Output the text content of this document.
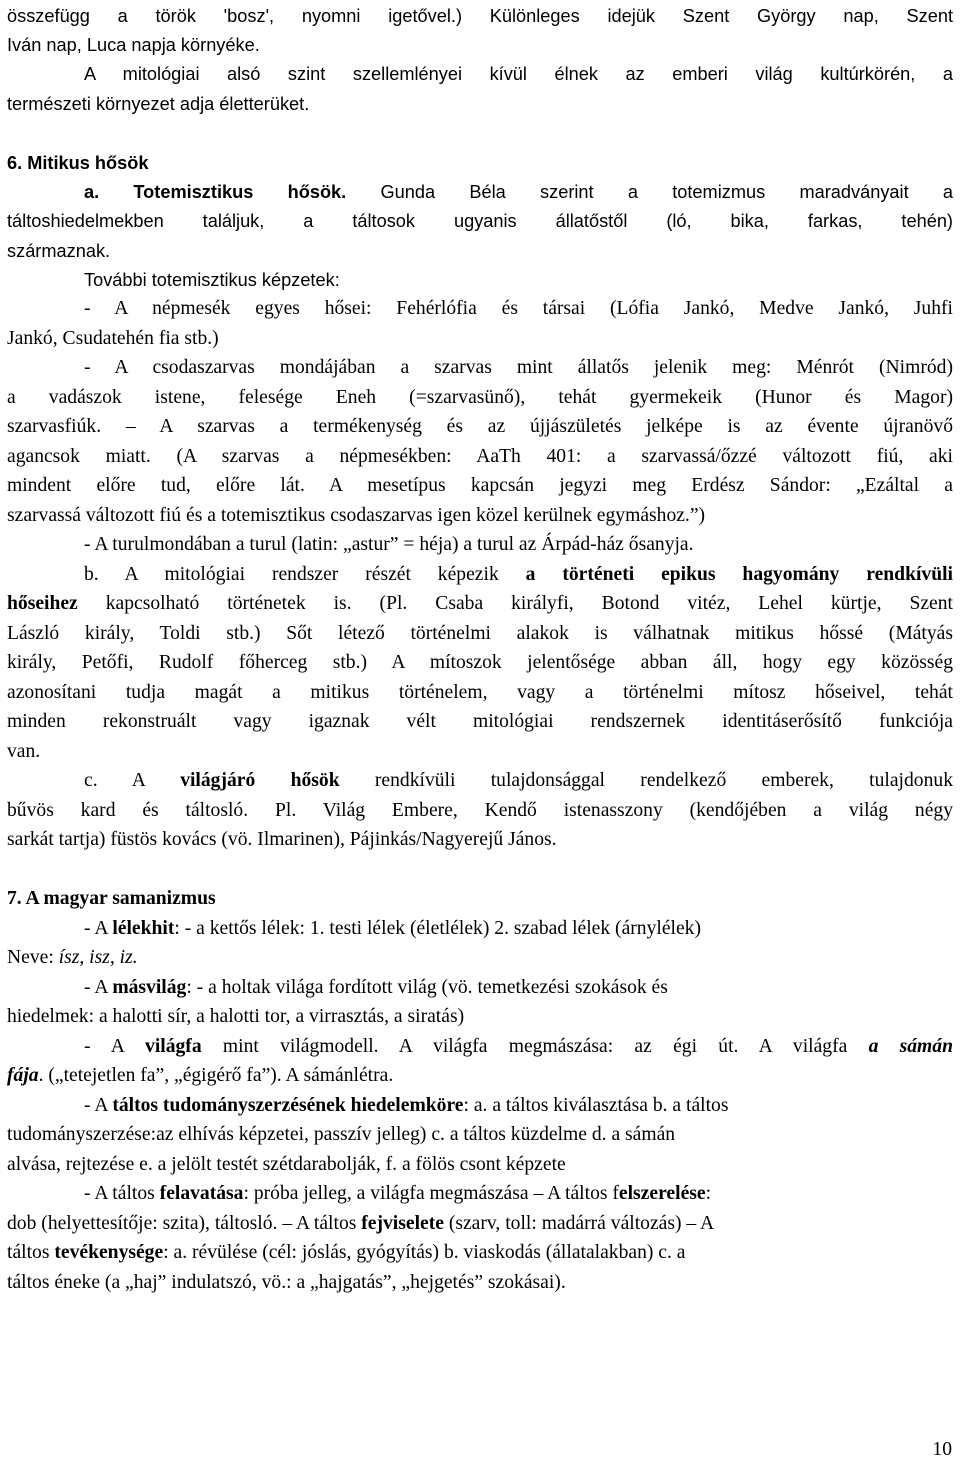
összefügg a török 'bosz', nyomni igetővel.) Különleges idejük Szent György nap, Szent
Iván nap, Luca napja környéke.
A mitológiai alsó szint szellemlényei kívül élnek az emberi világ kultúrkörén, a
természeti környezet adja életterüket.
6. Mitikus hősök
a. Totemisztikus hősök. Gunda Béla szerint a totemizmus maradványait a
táltoshiedelmekben találjuk, a táltosok ugyanis állatőstől (ló, bika, farkas, tehén)
származnak.
További totemisztikus képzetek:
- A népmesék egyes hősei: Fehérlófia és társai (Lófia Jankó, Medve Jankó, Juhfi
Jankó, Csudatehén fia stb.)
- A csodaszarvas mondájában a szarvas mint állatős jelenik meg: Ménrót (Nimród)
a vadászok istene, felesége Eneh (=szarvasünő), tehát gyermekeik (Hunor és Magor)
szarvasfiúk. – A szarvas a termékenység és az újjászületés jelképe is az évente újranövő
agancsok miatt. (A szarvas a népmesékben: AaTh 401: a szarvassá/őzzé változott fiú, aki
mindent előre tud, előre lát. A mesetípus kapcsán jegyzi meg Erdész Sándor: „Ezáltal a
szarvassá változott fiú és a totemisztikus csodaszarvas igen közel kerülnek egymáshoz.”)
- A turulmondában a turul (latin: „astur” = héja) a turul az Árpád-ház ősanyja.
b. A mitológiai rendszer részét képezik a történeti epikus hagyomány rendkívüli
hőseihez kapcsolható történetek is. (Pl. Csaba királyfi, Botond vitéz, Lehel kürtje, Szent
László király, Toldi stb.) Sőt létező történelmi alakok is válhatnak mitikus hőssé (Mátyás
király, Petőfi, Rudolf főherceg stb.) A mítoszok jelentősége abban áll, hogy egy közösség
azonosítani tudja magát a mitikus történelem, vagy a történelmi mítosz hőseivel, tehát
minden rekonstruált vagy igaznak vélt mitológiai rendszernek identitáserősítő funkciója
van.
c. A világjáró hősök rendkívüli tulajdonsággal rendelkező emberek, tulajdonuk
bűvös kard és táltosló. Pl. Világ Embere, Kendő istenasszony (kendőjében a világ négy
sarkát tartja) füstös kovács (vö. Ilmarinen), Pájinkás/Nagyerejű János.
7. A magyar samanizmus
- A lélekhit: - a kettős lélek: 1. testi lélek (életlélek) 2. szabad lélek (árnylélek)
Neve: ísz, isz, iz.
- A másvilág: - a holtak világa fordított világ (vö. temetkezési szokások és
hiedelmek: a halotti sír, a halotti tor, a virrasztás, a siratás)
- A világfa mint világmodell. A világfa megmászása: az égi út. A világfa a sámán
fája. („tetejetlen fa”, „égigérő fa”). A sámánlétra.
- A táltos tudományszerzésének hiedelemköre: a. a táltos kiválasztása b. a táltos
tudományszerzése:az elhívás képzetei, passzív jelleg) c. a táltos küzdelme d. a sámán
alvása, rejtezése e. a jelölt testét szétdarabolják, f. a fölös csont képzete
- A táltos felavatása: próba jelleg, a világfa megmászása – A táltos felszerelése:
dob (helyettesítője: szita), táltosló. – A táltos fejviselete (szarv, toll: madárrá változás) – A
táltos tevékenysége: a. révülése (cél: jóslás, gyógyítás) b. viaskodás (állatalakban) c. a
táltos éneke (a „haj” indulatszó, vö.: a „hajgatás”, „hejgetés” szokásai).
10
